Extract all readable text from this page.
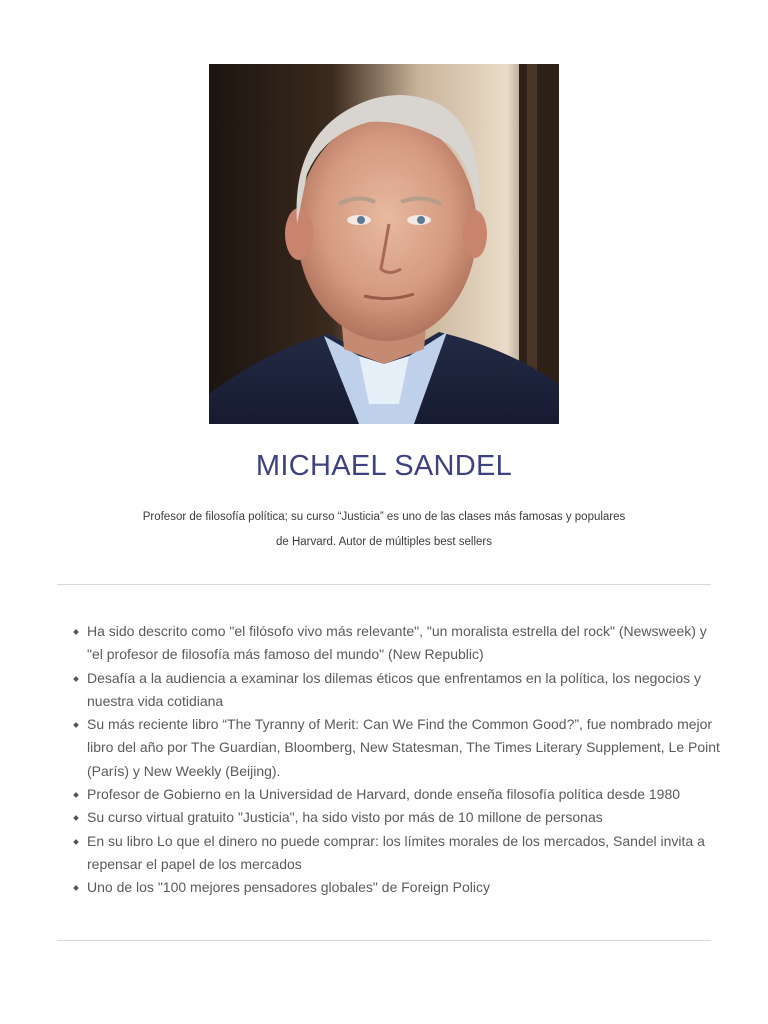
MICHAEL SANDEL

Profesor de filosofía política; su curso “Justicia” es uno de las clases más famosas y populares
de Harvard. Autor de múltiples best sellers

Ha sido descrito como "el filósofo vivo más relevante", "un moralista estrella del rock" (Newsweek) y "el profesor de filosofía más famoso del mundo" (New Republic)
Desafía a la audiencia a examinar los dilemas éticos que enfrentamos en la política, los negocios y nuestra vida cotidiana
Su más reciente libro “The Tyranny of Merit: Can We Find the Common Good?”, fue nombrado mejor libro del año por The Guardian, Bloomberg, New Statesman, The Times Literary Supplement, Le Point (París) y New Weekly (Beijing).
Profesor de Gobierno en la Universidad de Harvard, donde enseña filosofía política desde 1980
Su curso virtual gratuito "Justicia", ha sido visto por más de 10 millone de personas
En su libro Lo que el dinero no puede comprar: los límites morales de los mercados, Sandel invita a repensar el papel de los mercados
Uno de los "100 mejores pensadores globales" de Foreign Policy
